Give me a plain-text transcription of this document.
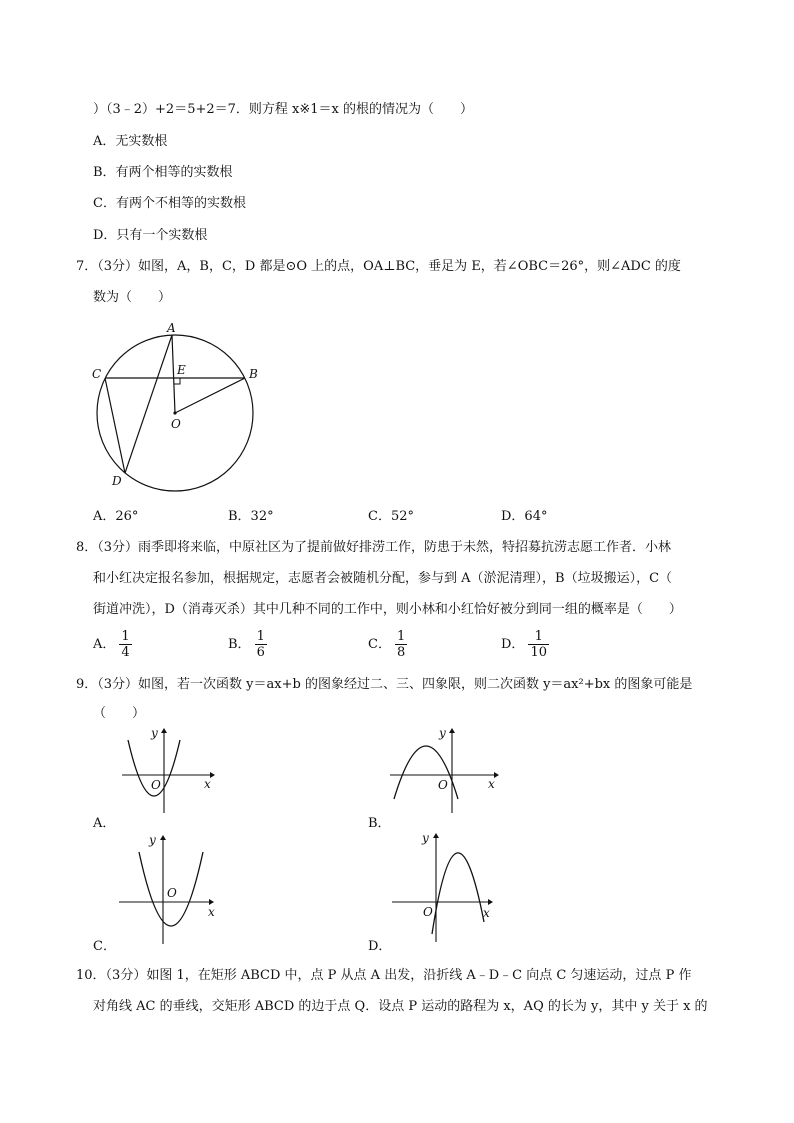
）（3﹣2）+2＝5+2＝7．则方程 x※1＝x 的根的情况为（　　）
A．无实数根
B．有两个相等的实数根
C．有两个不相等的实数根
D．只有一个实数根
7．（3分）如图，A，B，C，D 都是⊙O 上的点，OA⊥BC，垂足为 E，若∠OBC＝26°，则∠ADC 的度
数为（　　）
A
B
C
D
E
O
A．26°	B．32°	C．52°	D．64°
8．（3分）雨季即将来临，中原社区为了提前做好排涝工作，防患于未然，特招募抗涝志愿工作者．小林
和小红决定报名参加，根据规定，志愿者会被随机分配，参与到 A（淤泥清理），B（垃圾搬运），C（
街道冲洗），D（消毒灭杀）其中几种不同的工作中，则小林和小红恰好被分到同一组的概率是（　　）
A． $\frac{1}{4}$	B． $\frac{1}{6}$	C． $\frac{1}{8}$	D． $\frac{1}{10}$
9．（3分）如图，若一次函数 y＝ax+b 的图象经过二、三、四象限，则二次函数 y＝ax²+bx 的图象可能是
（　　）
y
x
O
A．
y
x
O
B．
y
x
O
C．
y
x
O
D．
10．（3分）如图 1，在矩形 ABCD 中，点 P 从点 A 出发，沿折线 A﹣D﹣C 向点 C 匀速运动，过点 P 作
对角线 AC 的垂线，交矩形 ABCD 的边于点 Q．设点 P 运动的路程为 x，AQ 的长为 y，其中 y 关于 x 的
